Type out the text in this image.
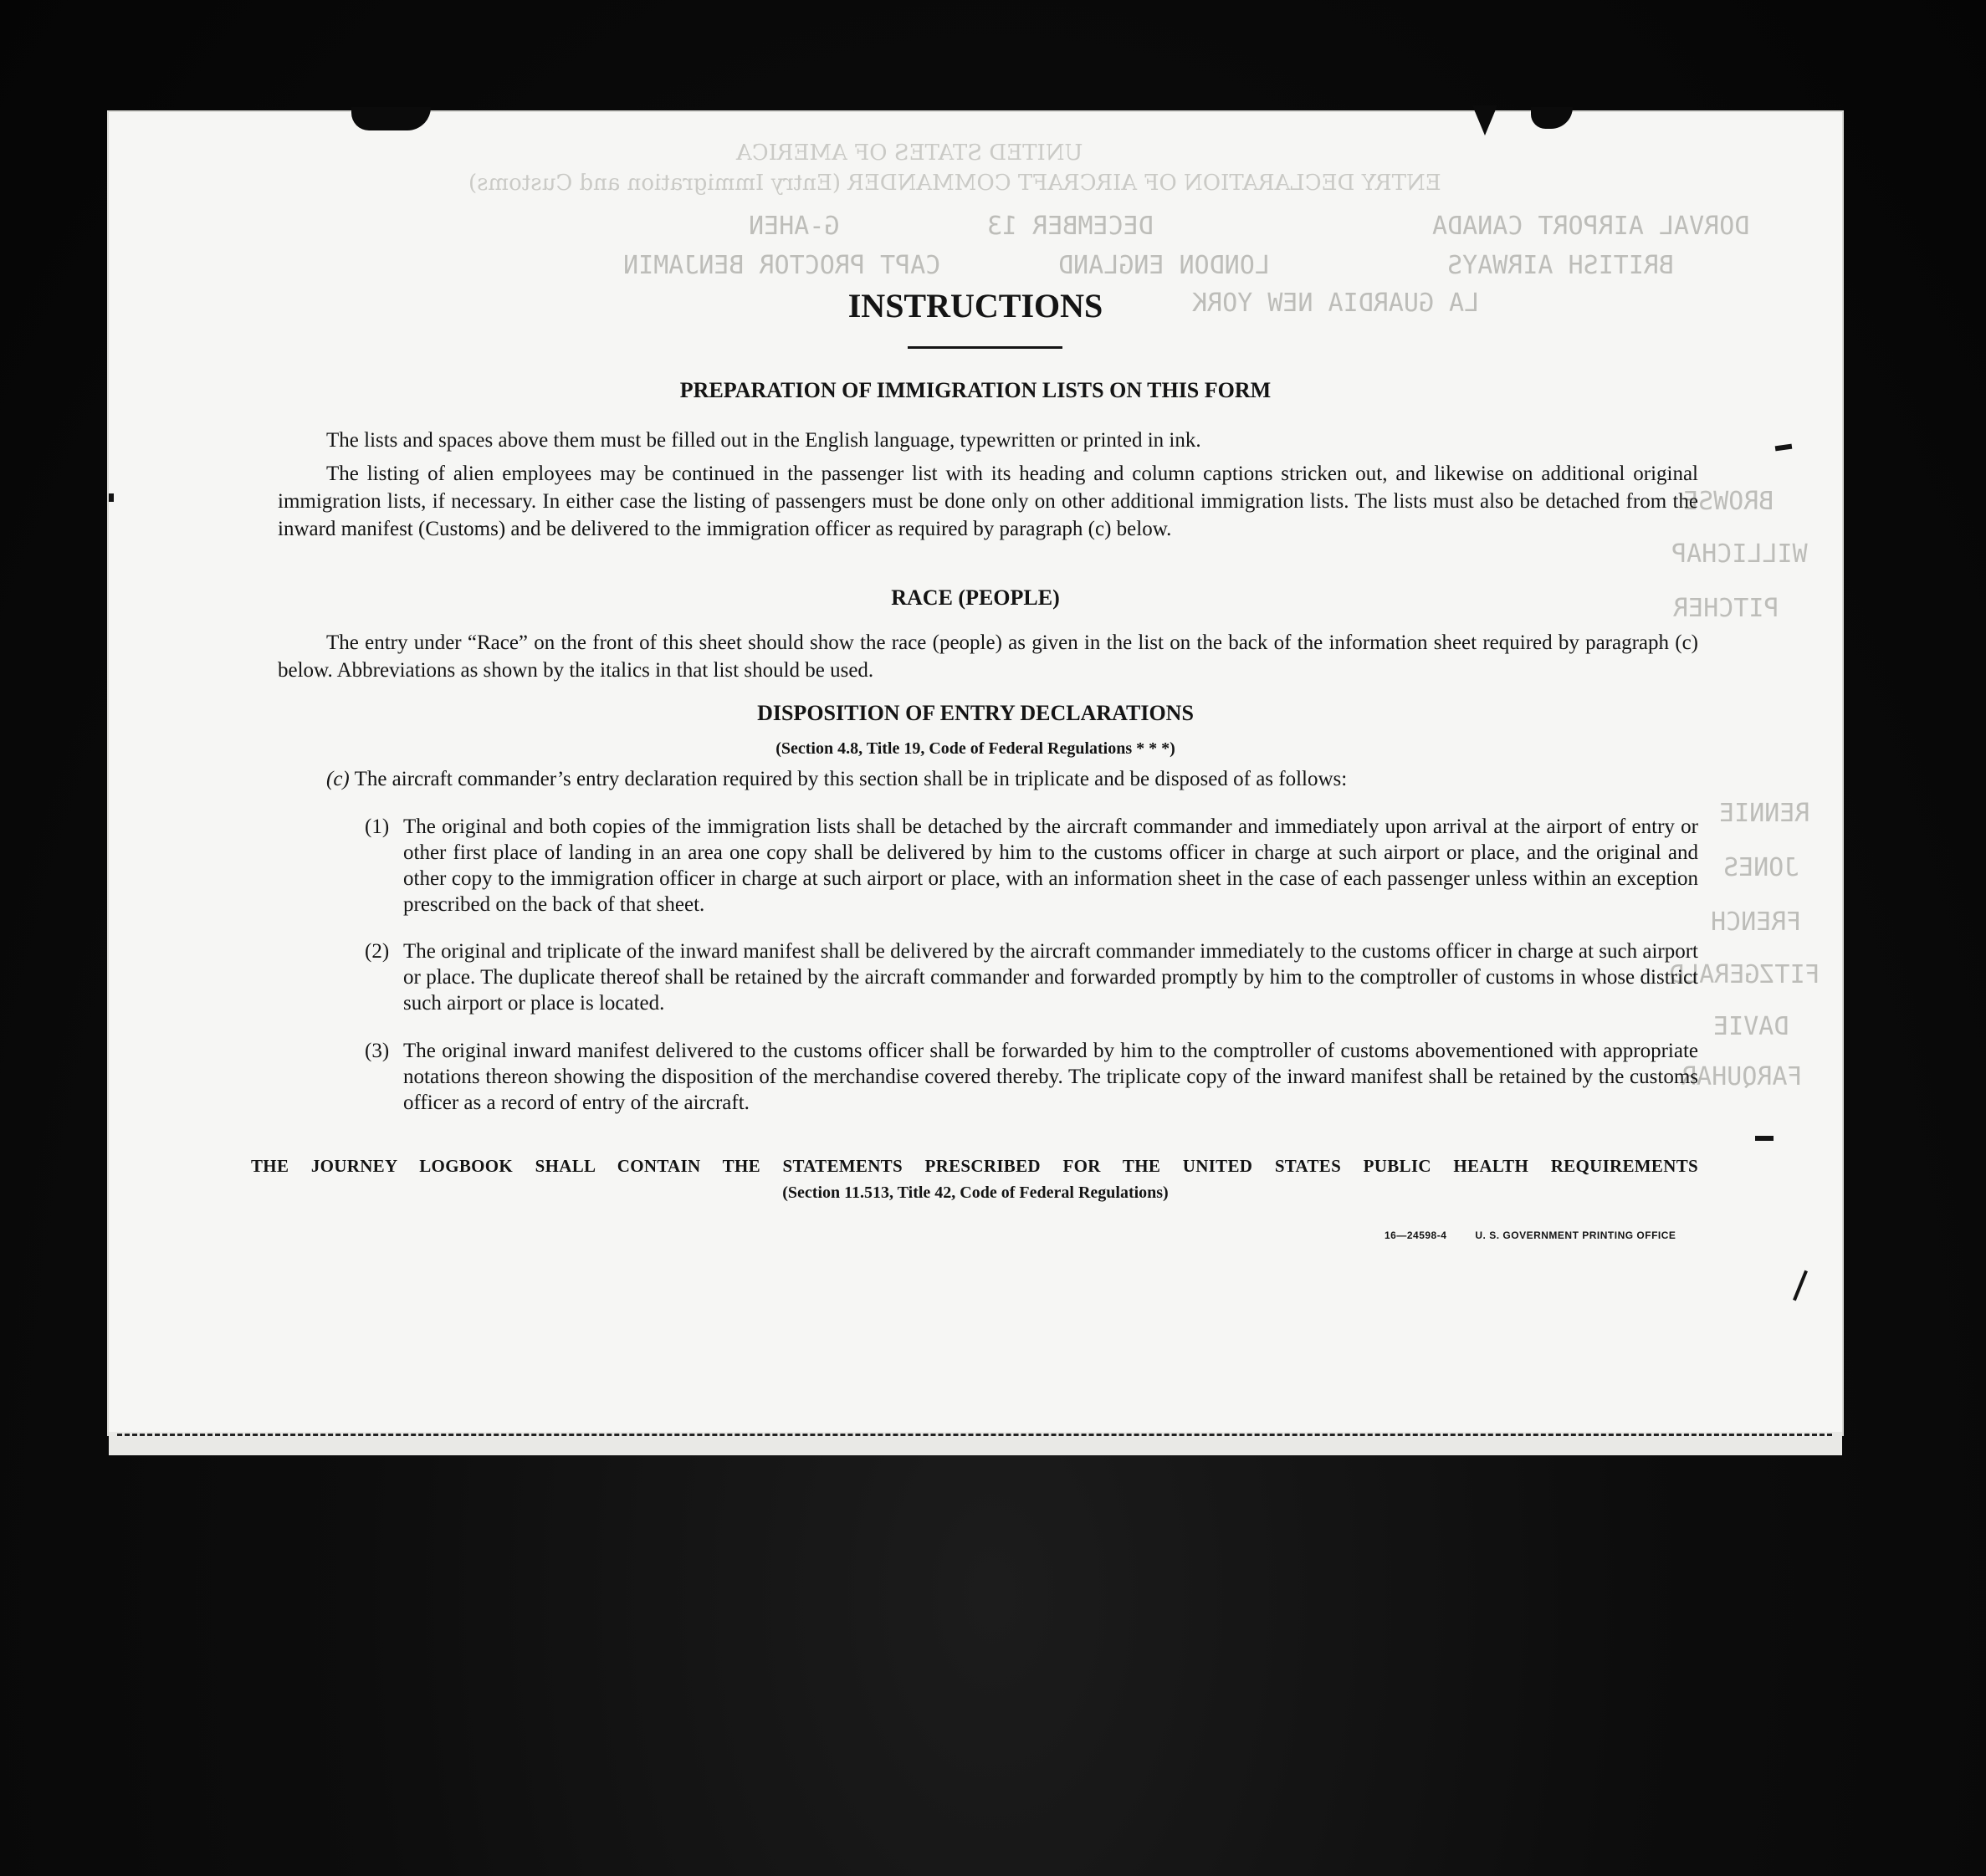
UNITED STATES OF AMERICA
ENTRY DECLARATION OF AIRCRAFT COMMANDER (Entry Immigration and Customs)
DORVAL AIRPORT CANADA
DECEMBER 13
G-AHEN
BRITISH AIRWAYS
LONDON ENGLAND
CAPT PROCTOR BENJAMIN
LA GUARDIA NEW YORK
BROWSE
WILLICHAP
PITCHER
RENNIE
JONES
FRENCH
FITZGERALD
DAVIE
FARQUHAR
INSTRUCTIONS
PREPARATION OF IMMIGRATION LISTS ON THIS FORM
The lists and spaces above them must be filled out in the English language, typewritten or printed in ink.
The listing of alien employees may be continued in the passenger list with its heading and column captions stricken out, and likewise on additional original immigration lists, if necessary. In either case the listing of passengers must be done only on other additional immigration lists. The lists must also be detached from the inward manifest (Customs) and be delivered to the immigration officer as required by paragraph (c) below.
RACE (PEOPLE)
The entry under “Race” on the front of this sheet should show the race (people) as given in the list on the back of the information sheet required by paragraph (c) below. Abbreviations as shown by the italics in that list should be used.
DISPOSITION OF ENTRY DECLARATIONS
(Section 4.8, Title 19, Code of Federal Regulations * * *)
(c) The aircraft commander’s entry declaration required by this section shall be in triplicate and be disposed of as follows:
(1) The original and both copies of the immigration lists shall be detached by the aircraft commander and immediately upon arrival at the airport of entry or other first place of landing in an area one copy shall be delivered by him to the customs officer in charge at such airport or place, and the original and other copy to the immigration officer in charge at such airport or place, with an information sheet in the case of each passenger unless within an exception prescribed on the back of that sheet.
(2) The original and triplicate of the inward manifest shall be delivered by the aircraft commander immediately to the customs officer in charge at such airport or place. The duplicate thereof shall be retained by the aircraft commander and forwarded promptly by him to the comptroller of customs in whose district such airport or place is located.
(3) The original inward manifest delivered to the customs officer shall be forwarded by him to the comptroller of customs abovementioned with appropriate notations thereon showing the disposition of the merchandise covered thereby. The triplicate copy of the inward manifest shall be retained by the customs officer as a record of entry of the aircraft.
THE JOURNEY LOGBOOK SHALL CONTAIN THE STATEMENTS PRESCRIBED FOR THE UNITED STATES PUBLIC HEALTH REQUIREMENTS
(Section 11.513, Title 42, Code of Federal Regulations)
16—24598-4	U. S. GOVERNMENT PRINTING OFFICE
